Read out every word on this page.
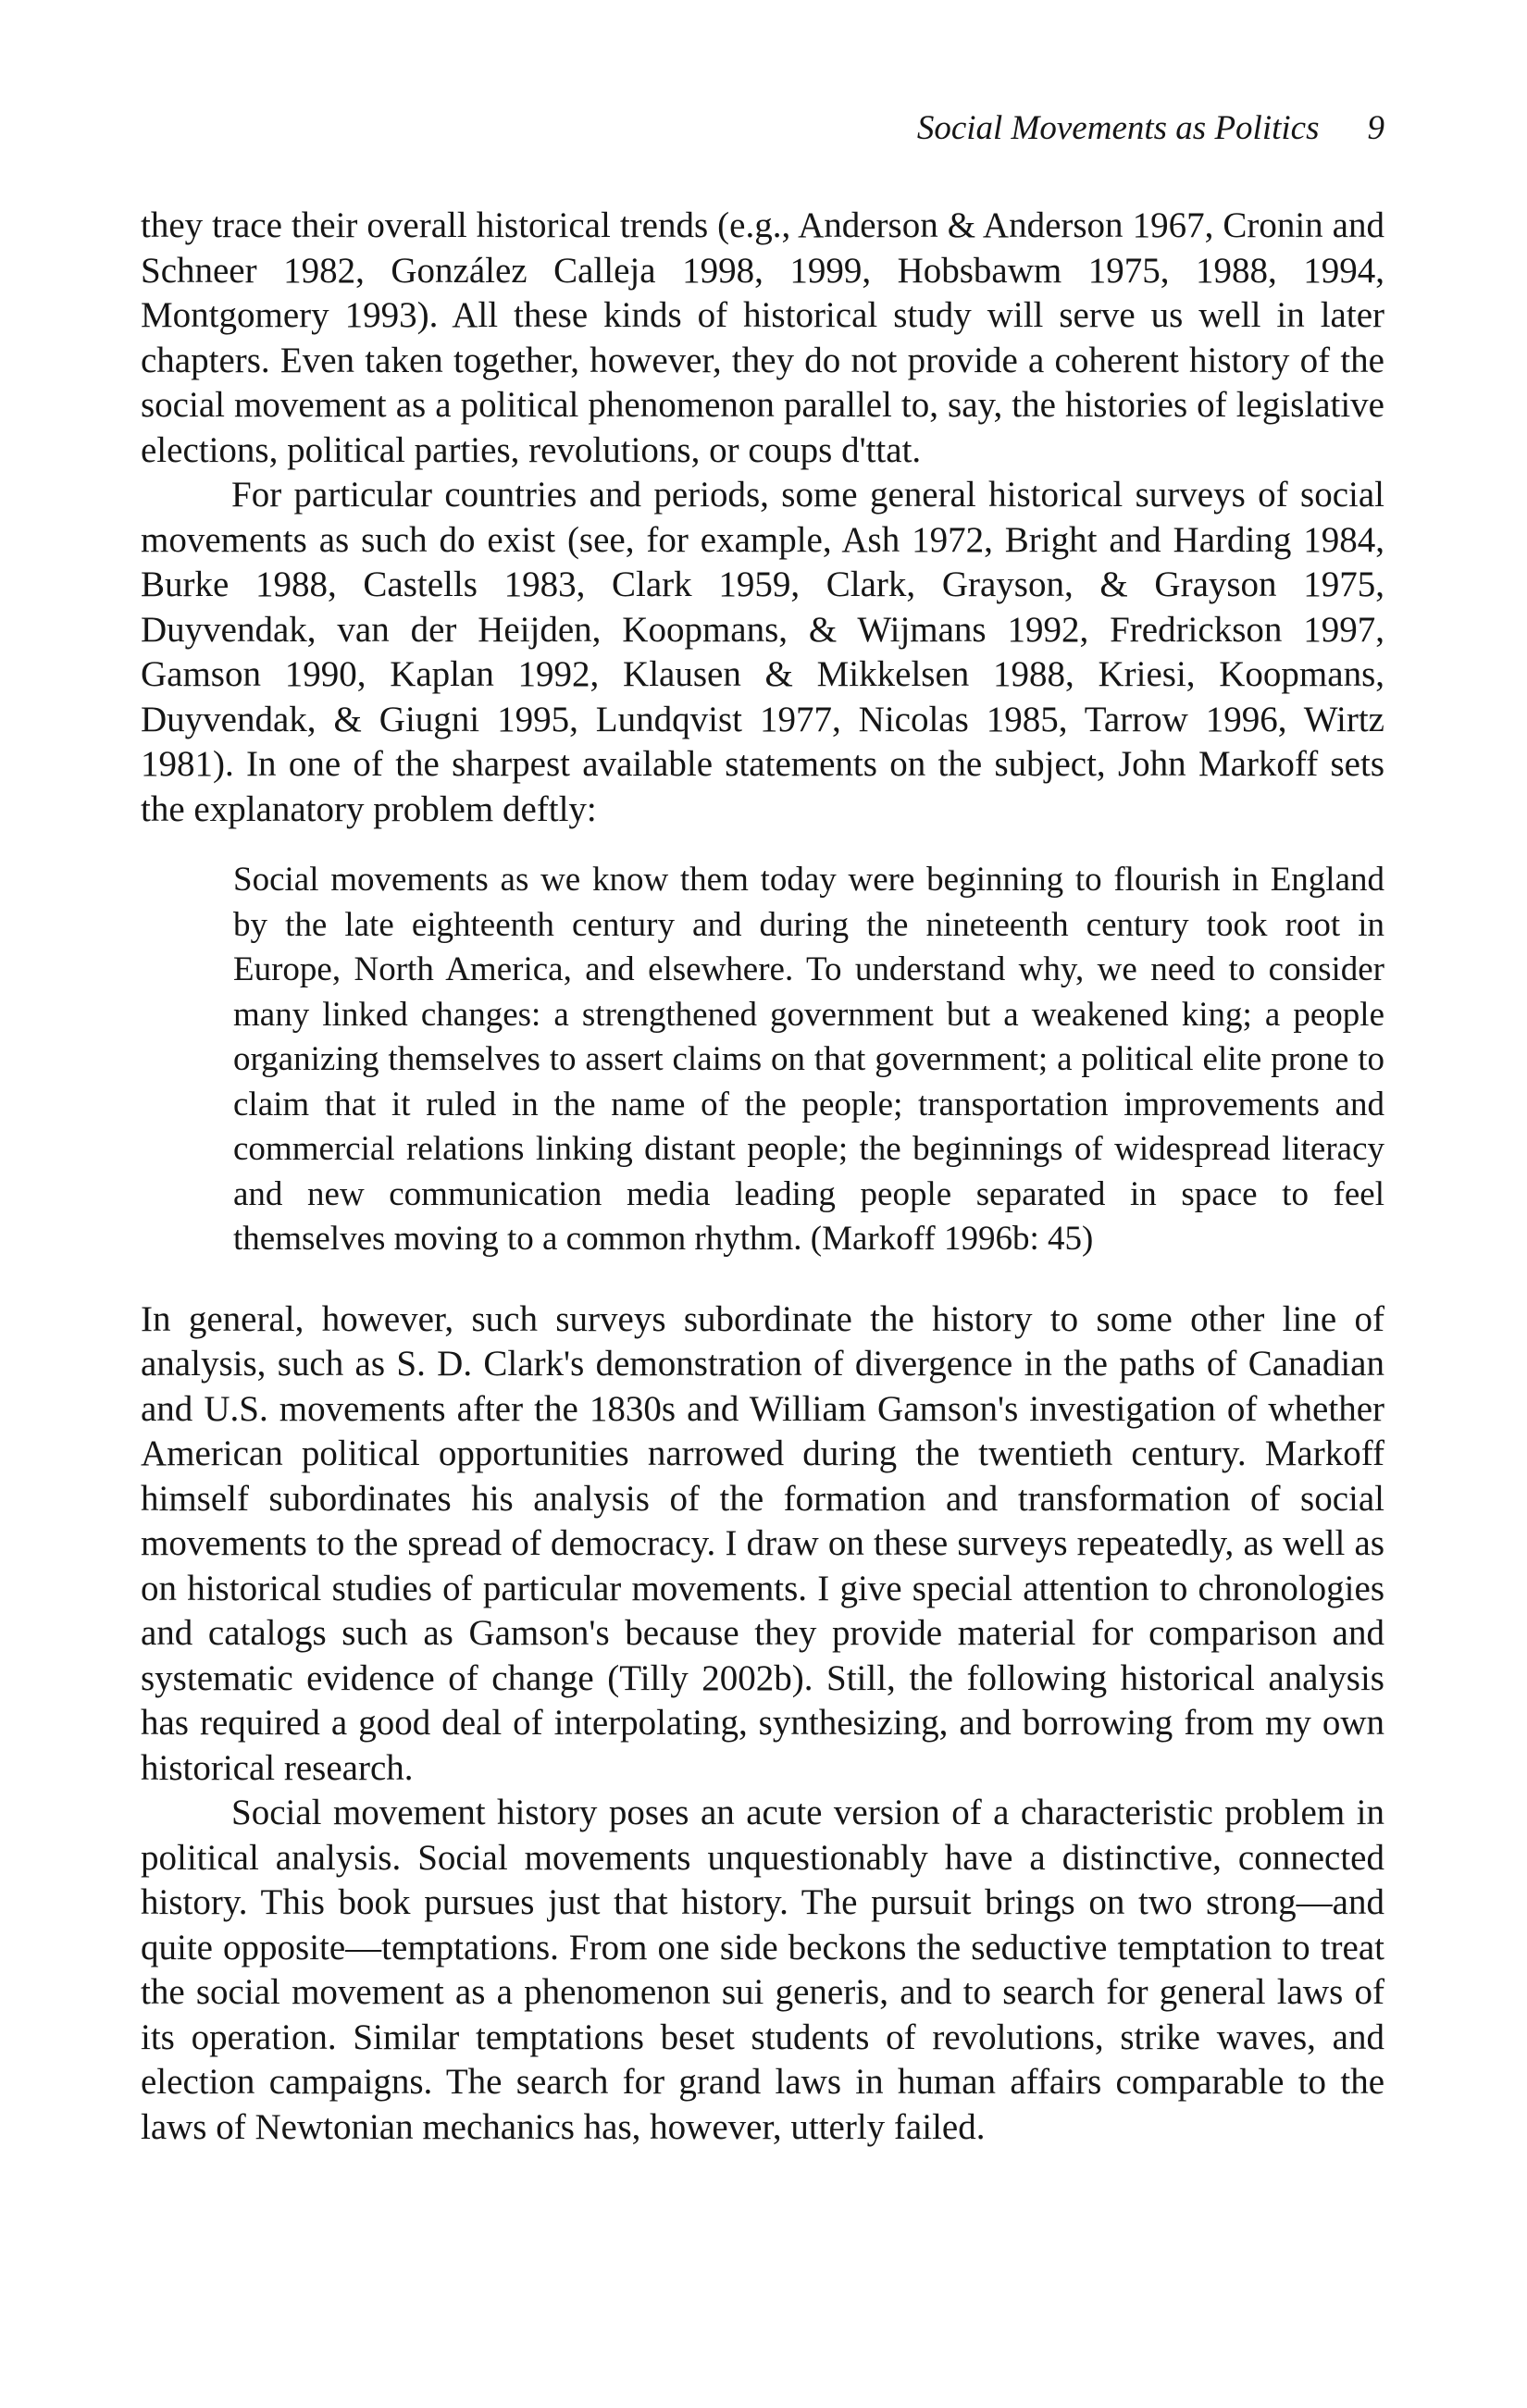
Social Movements as Politics 9

they trace their overall historical trends (e.g., Anderson & Anderson 1967, Cronin and Schneer 1982, González Calleja 1998, 1999, Hobsbawm 1975, 1988, 1994, Montgomery 1993). All these kinds of historical study will serve us well in later chapters. Even taken together, however, they do not provide a coherent history of the social movement as a political phenomenon parallel to, say, the histories of legislative elections, political parties, revolutions, or coups d'ttat.

For particular countries and periods, some general historical surveys of social movements as such do exist (see, for example, Ash 1972, Bright and Harding 1984, Burke 1988, Castells 1983, Clark 1959, Clark, Grayson, & Grayson 1975, Duyvendak, van der Heijden, Koopmans, & Wijmans 1992, Fredrickson 1997, Gamson 1990, Kaplan 1992, Klausen & Mikkelsen 1988, Kriesi, Koopmans, Duyvendak, & Giugni 1995, Lundqvist 1977, Nicolas 1985, Tarrow 1996, Wirtz 1981). In one of the sharpest available statements on the subject, John Markoff sets the explanatory problem deftly:

Social movements as we know them today were beginning to flourish in England by the late eighteenth century and during the nineteenth century took root in Europe, North America, and elsewhere. To understand why, we need to consider many linked changes: a strengthened government but a weakened king; a people organizing themselves to assert claims on that government; a political elite prone to claim that it ruled in the name of the people; transportation improvements and commercial relations linking distant people; the beginnings of widespread literacy and new communication media leading people separated in space to feel themselves moving to a common rhythm. (Markoff 1996b: 45)

In general, however, such surveys subordinate the history to some other line of analysis, such as S. D. Clark's demonstration of divergence in the paths of Canadian and U.S. movements after the 1830s and William Gamson's investigation of whether American political opportunities narrowed during the twentieth century. Markoff himself subordinates his analysis of the formation and transformation of social movements to the spread of democracy. I draw on these surveys repeatedly, as well as on historical studies of particular movements. I give special attention to chronologies and catalogs such as Gamson's because they provide material for comparison and systematic evidence of change (Tilly 2002b). Still, the following historical analysis has required a good deal of interpolating, synthesizing, and borrowing from my own historical research.

Social movement history poses an acute version of a characteristic problem in political analysis. Social movements unquestionably have a distinctive, connected history. This book pursues just that history. The pursuit brings on two strong—and quite opposite—temptations. From one side beckons the seductive temptation to treat the social movement as a phenomenon sui generis, and to search for general laws of its operation. Similar temptations beset students of revolutions, strike waves, and election campaigns. The search for grand laws in human affairs comparable to the laws of Newtonian mechanics has, however, utterly failed.
